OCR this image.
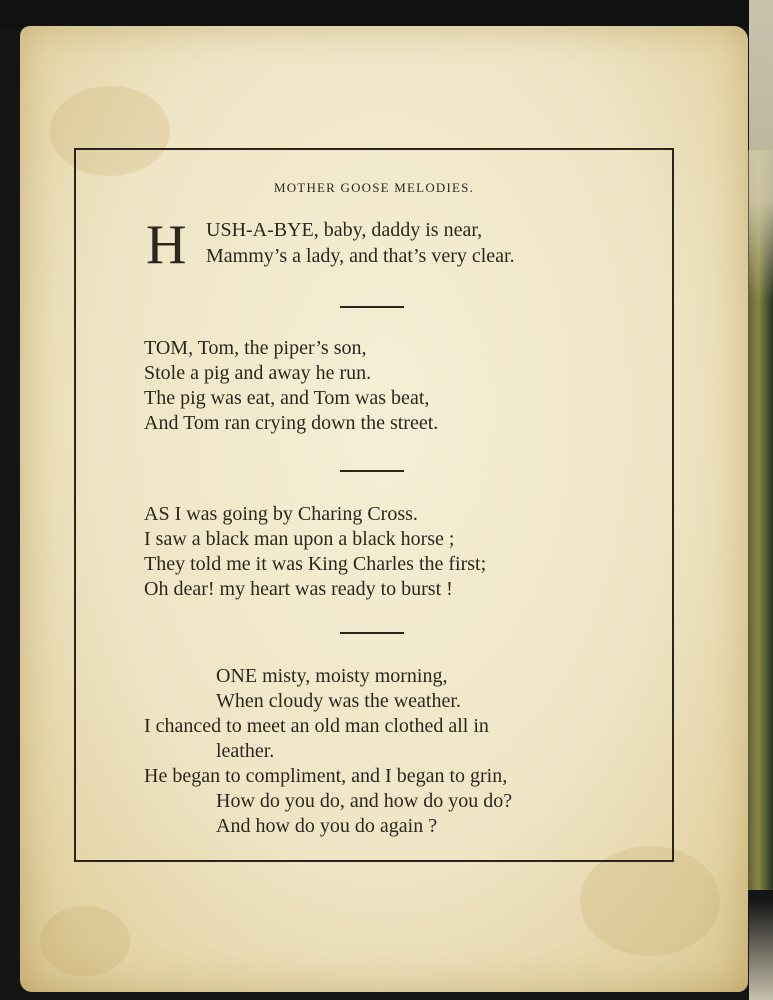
MOTHER GOOSE MELODIES.
H USH-A-BYE, baby, daddy is near,
Mammy’s a lady, and that’s very clear.
TOM, Tom, the piper’s son,
Stole a pig and away he run.
The pig was eat, and Tom was beat,
And Tom ran crying down the street.
AS I was going by Charing Cross.
I saw a black man upon a black horse ;
They told me it was King Charles the first;
Oh dear! my heart was ready to burst !
ONE misty, moisty morning,
When cloudy was the weather.
I chanced to meet an old man clothed all in
leather.
He began to compliment, and I began to grin,
How do you do, and how do you do?
And how do you do again ?
